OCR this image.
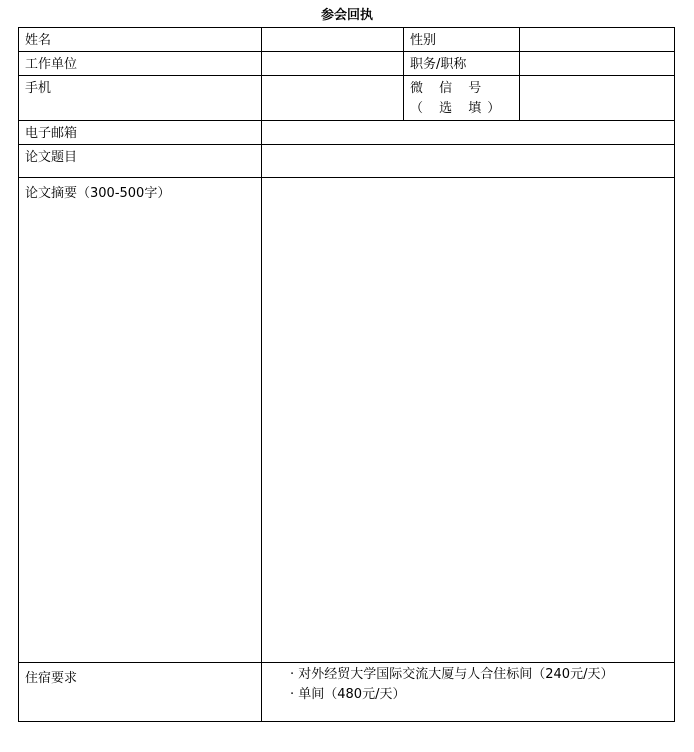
参会回执
姓名		性别	
工作单位		职务/职称	
手机		微 信 号 （ 选 填）	
电子邮箱			
论文题目			
论文摘要（300-500字）			
住宿要求	· 对外经贸大学国际交流大厦与人合住标间（240元/天）
· 单间（480元/天）		
